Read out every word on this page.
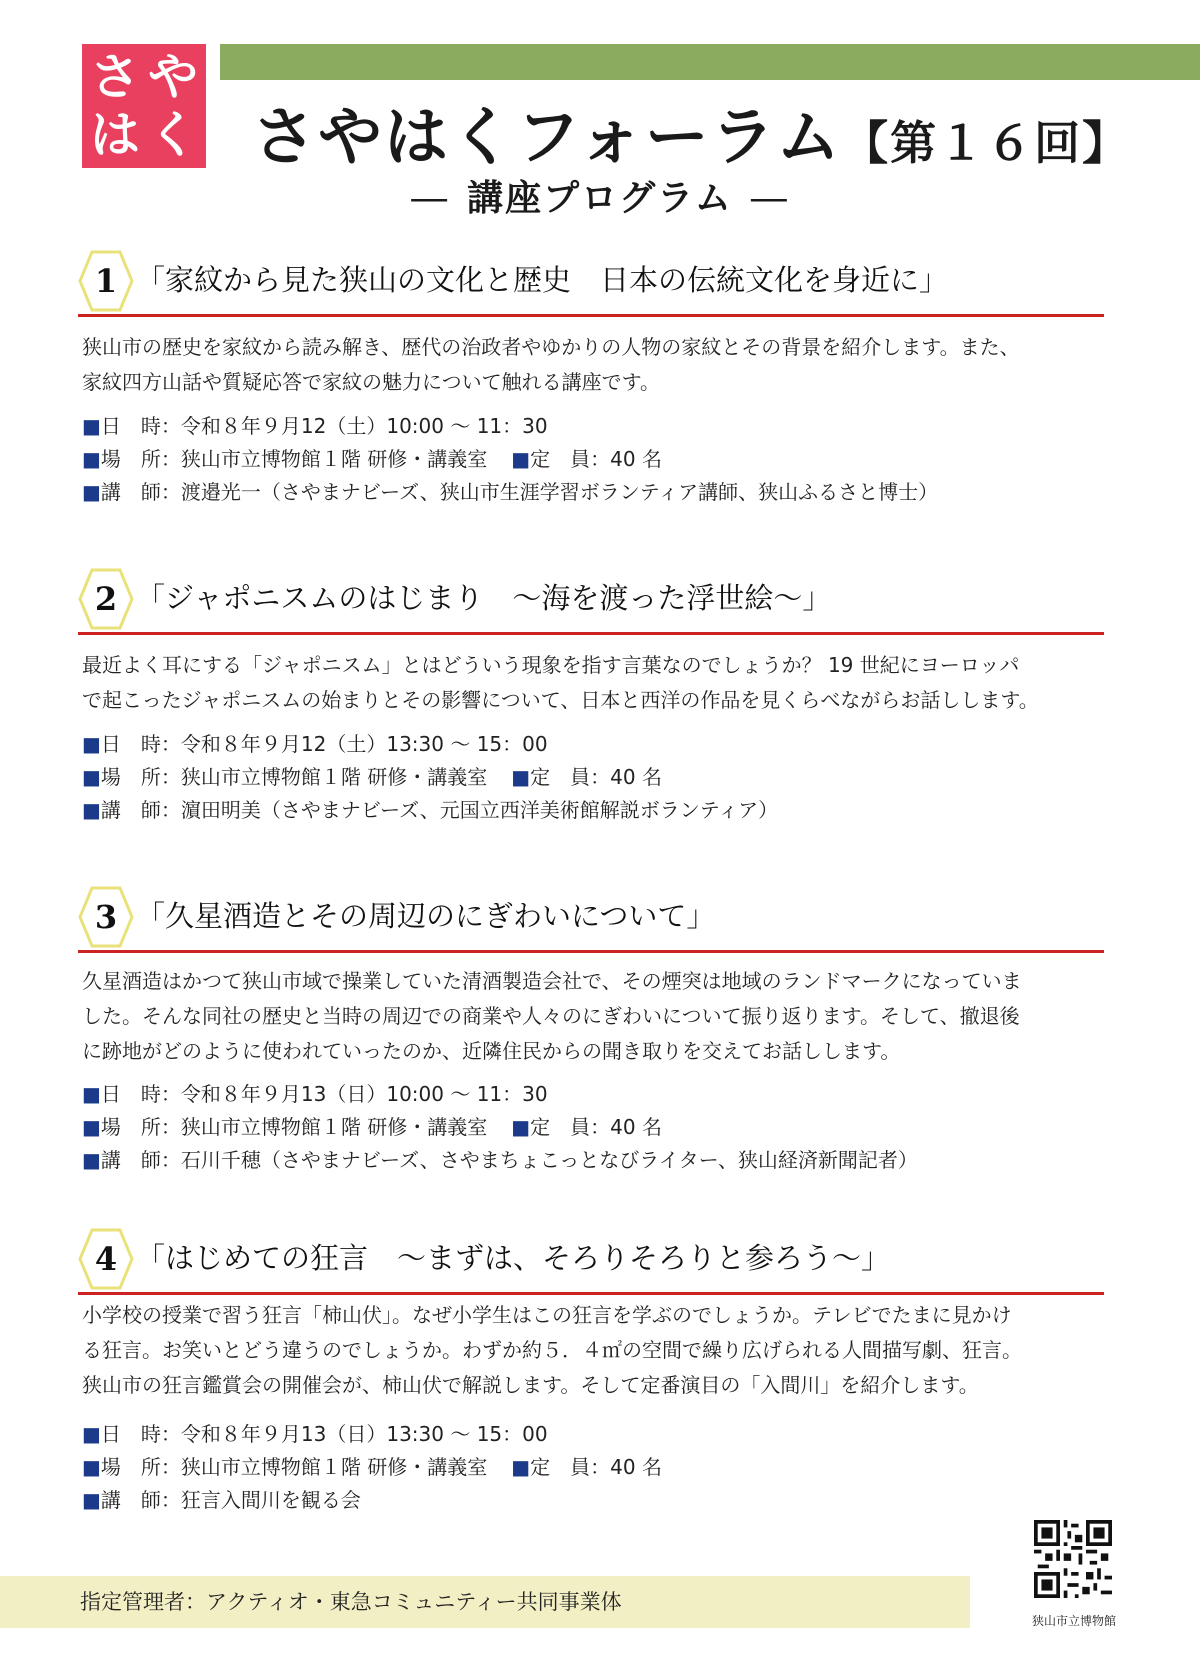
さ や
は く さやはくフォーラム【第１６回】
― 講座プログラム ―
1 「家紋から見た狭山の文化と歴史　日本の伝統文化を身近に」
狭山市の歴史を家紋から読み解き、歴代の治政者やゆかりの人物の家紋とその背景を紹介します。また、
家紋四方山話や質疑応答で家紋の魅力について触れる講座です。
■日　時：令和８年９月12（土）10:00 ～ 11：30
■場　所：狭山市立博物館１階 研修・講義室 ■定　員：40 名
■講　師：渡邉光一（さやまナビーズ、狭山市生涯学習ボランティア講師、狭山ふるさと博士）
2 「ジャポニスムのはじまり　～海を渡った浮世絵～」
最近よく耳にする「ジャポニスム」とはどういう現象を指す言葉なのでしょうか？ 19 世紀にヨーロッパ
で起こったジャポニスムの始まりとその影響について、日本と西洋の作品を見くらべながらお話しします。
■日　時：令和８年９月12（土）13:30 ～ 15：00
■場　所：狭山市立博物館１階 研修・講義室 ■定　員：40 名
■講　師：濵田明美（さやまナビーズ、元国立西洋美術館解説ボランティア）
3 「久星酒造とその周辺のにぎわいについて」
久星酒造はかつて狭山市域で操業していた清酒製造会社で、その煙突は地域のランドマークになっていま
した。そんな同社の歴史と当時の周辺での商業や人々のにぎわいについて振り返ります。そして、撤退後
に跡地がどのように使われていったのか、近隣住民からの聞き取りを交えてお話しします。
■日　時：令和８年９月13（日）10:00 ～ 11：30
■場　所：狭山市立博物館１階 研修・講義室 ■定　員：40 名
■講　師：石川千穂（さやまナビーズ、さやまちょこっとなびライター、狭山経済新聞記者）
4 「はじめての狂言　～まずは、そろりそろりと参ろう～」
小学校の授業で習う狂言「柿山伏」。なぜ小学生はこの狂言を学ぶのでしょうか。テレビでたまに見かけ
る狂言。お笑いとどう違うのでしょうか。わずか約５．４㎡の空間で繰り広げられる人間描写劇、狂言。
狭山市の狂言鑑賞会の開催会が、柿山伏で解説します。そして定番演目の「入間川」を紹介します。
■日　時：令和８年９月13（日）13:30 ～ 15：00
■場　所：狭山市立博物館１階 研修・講義室 ■定　員：40 名
■講　師：狂言入間川を観る会
指定管理者：アクティオ・東急コミュニティー共同事業体
狭山市立博物館
